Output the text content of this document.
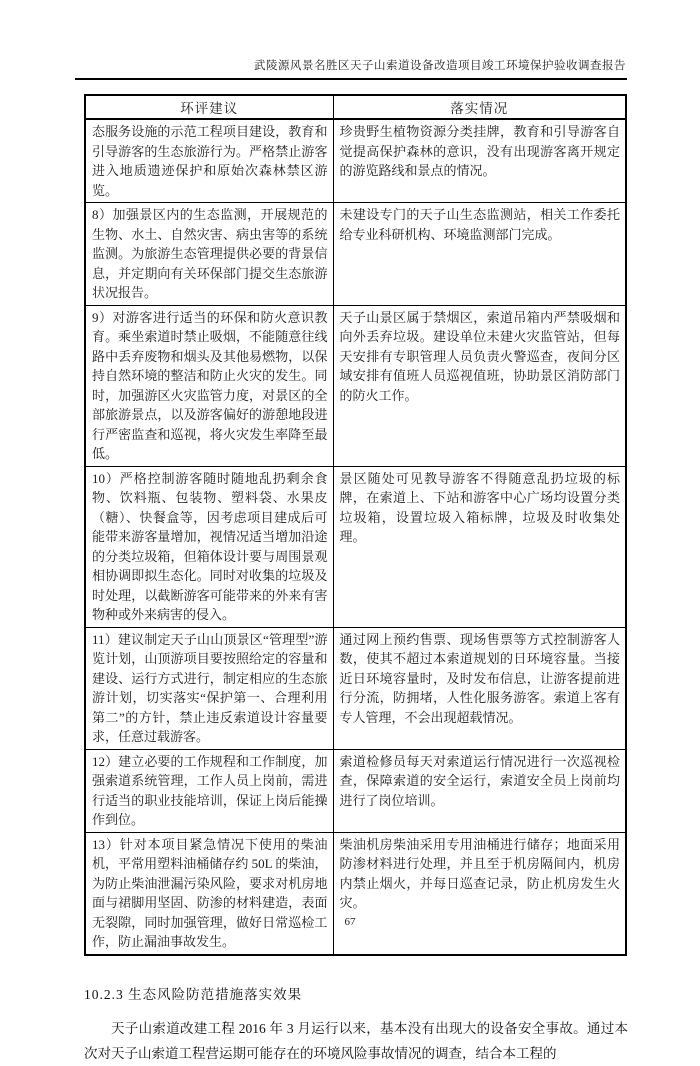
武陵源风景名胜区天子山索道设备改造项目竣工环境保护验收调查报告
环评建议	落实情况
态服务设施的示范工程项目建设，教育和引导游客的生态旅游行为。严格禁止游客进入地质遗迹保护和原始次森林禁区游览。	珍贵野生植物资源分类挂牌，教育和引导游客自觉提高保护森林的意识，没有出现游客离开规定的游览路线和景点的情况。
8）加强景区内的生态监测，开展规范的生物、水土、自然灾害、病虫害等的系统监测。为旅游生态管理提供必要的背景信息，并定期向有关环保部门提交生态旅游状况报告。	未建设专门的天子山生态监测站，相关工作委托给专业科研机构、环境监测部门完成。
9）对游客进行适当的环保和防火意识教育。乘坐索道时禁止吸烟，不能随意往线路中丢弃废物和烟头及其他易燃物，以保持自然环境的整洁和防止火灾的发生。同时，加强游区火灾监管力度，对景区的全部旅游景点，以及游客偏好的游憩地段进行严密监查和巡视，将火灾发生率降至最低。	天子山景区属于禁烟区，索道吊箱内严禁吸烟和向外丢弃垃圾。建设单位未建火灾监管站，但每天安排有专职管理人员负责火警巡查，夜间分区域安排有值班人员巡视值班，协助景区消防部门的防火工作。
10）严格控制游客随时随地乱扔剩余食物、饮料瓶、包装物、塑料袋、水果皮（糖）、快餐盒等，因考虑项目建成后可能带来游客量增加，视情况适当增加沿途的分类垃圾箱，但箱体设计要与周围景观相协调即拟生态化。同时对收集的垃圾及时处理，以截断游客可能带来的外来有害物种或外来病害的侵入。	景区随处可见教导游客不得随意乱扔垃圾的标牌，在索道上、下站和游客中心广场均设置分类垃圾箱，设置垃圾入箱标牌，垃圾及时收集处理。
11）建议制定天子山山顶景区“管理型”游览计划，山顶游项目要按照给定的容量和建设、运行方式进行，制定相应的生态旅游计划，切实落实“保护第一、合理利用第二”的方针，禁止违反索道设计容量要求，任意过载游客。	通过网上预约售票、现场售票等方式控制游客人数，使其不超过本索道规划的日环境容量。当接近日环境容量时，及时发布信息，让游客提前进行分流，防拥堵，人性化服务游客。索道上客有专人管理，不会出现超载情况。
12）建立必要的工作规程和工作制度，加强索道系统管理，工作人员上岗前，需进行适当的职业技能培训，保证上岗后能操作到位。	索道检修员每天对索道运行情况进行一次巡视检查，保障索道的安全运行，索道安全员上岗前均进行了岗位培训。
13）针对本项目紧急情况下使用的柴油机，平常用塑料油桶储存约 50L 的柴油，为防止柴油泄漏污染风险，要求对机房地面与裙脚用坚固、防渗的材料建造，表面无裂隙，同时加强管理，做好日常巡检工作，防止漏油事故发生。	柴油机房柴油采用专用油桶进行储存；地面采用防渗材料进行处理，并且至于机房隔间内，机房内禁止烟火，并每日巡查记录，防止机房发生火灾。
10.2.3 生态风险防范措施落实效果

天子山索道改建工程 2016 年 3 月运行以来，基本没有出现大的设备安全事故。通过本次对天子山索道工程营运期可能存在的环境风险事故情况的调查，结合本工程的

67
